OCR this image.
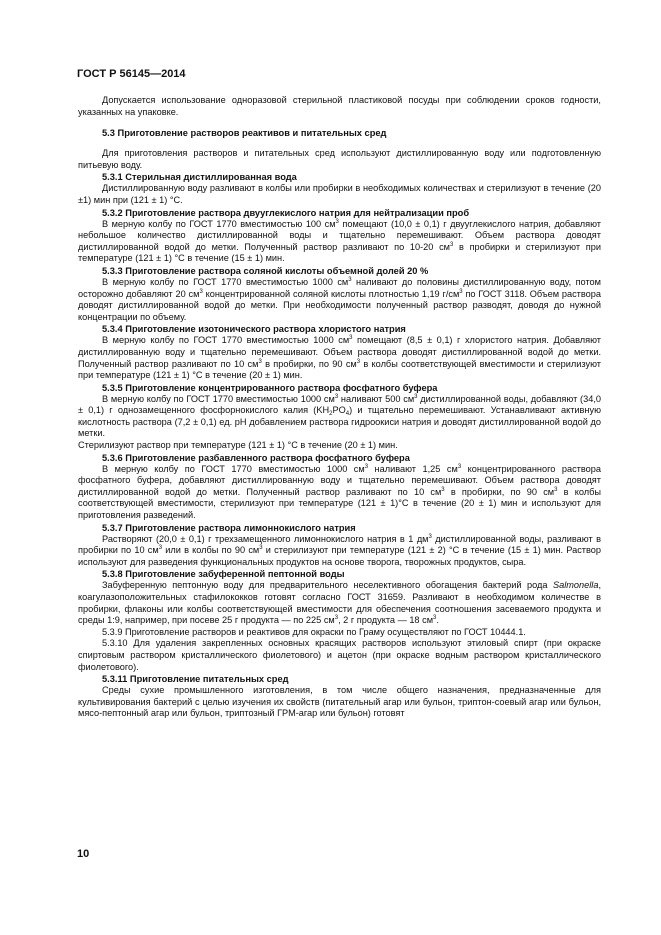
ГОСТ Р 56145—2014

Допускается использование одноразовой стерильной пластиковой посуды при соблюдении сроков годности, указанных на упаковке.

5.3 Приготовление растворов реактивов и питательных сред

Для приготовления растворов и питательных сред используют дистиллированную воду или подготовленную питьевую воду.

5.3.1 Стерильная дистиллированная вода

Дистиллированную воду разливают в колбы или пробирки в необходимых количествах и стерилизуют в течение (20 ±1) мин при (121 ± 1) °С.

5.3.2 Приготовление раствора двууглекислого натрия для нейтрализации проб

В мерную колбу по ГОСТ 1770 вместимостью 100 $см^3$ помещают (10,0 ± 0,1) г двууглекислого натрия, добавляют небольшое количество дистиллированной воды и тщательно перемешивают. Объем раствора доводят дистиллированной водой до метки. Полученный раствор разливают по 10-20 $см^3$ в пробирки и стерилизуют при температуре (121 ± 1) °С в течение (15 ± 1) мин.

5.3.3 Приготовление раствора соляной кислоты объемной долей 20 %

В мерную колбу по ГОСТ 1770 вместимостью 1000 $см^3$ наливают до половины дистиллированную воду, потом осторожно добавляют 20 $см^3$ концентрированной соляной кислоты плотностью 1,19 $г/см^3$ по ГОСТ 3118. Объем раствора доводят дистиллированной водой до метки. При необходимости полученный раствор разводят, доводя до нужной концентрации по объему.

5.3.4 Приготовление изотонического раствора хлористого натрия

В мерную колбу по ГОСТ 1770 вместимостью 1000 $см^3$ помещают (8,5 ± 0,1) г хлористого натрия. Добавляют дистиллированную воду и тщательно перемешивают. Объем раствора доводят дистиллированной водой до метки. Полученный раствор разливают по 10 $см^3$ в пробирки, по 90 $см^3$ в колбы соответствующей вместимости и стерилизуют при температуре (121 ± 1) °С в течение (20 ± 1) мин.

5.3.5 Приготовление концентрированного раствора фосфатного буфера

В мерную колбу по ГОСТ 1770 вместимостью 1000 $см^3$ наливают 500 $см^3$ дистиллированной воды, добавляют (34,0 ± 0,1) г однозамещенного фосфорнокислого калия $(KH_2PO_4)$ и тщательно перемешивают. Устанавливают активную кислотность раствора (7,2 ± 0,1) ед. рН добавлением раствора гидроокиси натрия и доводят дистиллированной водой до метки.

Стерилизуют раствор при температуре (121 ± 1) °С в течение (20 ± 1) мин.

5.3.6 Приготовление разбавленного раствора фосфатного буфера

В мерную колбу по ГОСТ 1770 вместимостью 1000 $см^3$ наливают 1,25 $см^3$ концентрированного раствора фосфатного буфера, добавляют дистиллированную воду и тщательно перемешивают. Объем раствора доводят дистиллированной водой до метки. Полученный раствор разливают по 10 $см^3$ в пробирки, по 90 $см^3$ в колбы соответствующей вместимости, стерилизуют при температуре (121 ± 1)°С в течение (20 ± 1) мин и используют для приготовления разведений.

5.3.7 Приготовление раствора лимоннокислого натрия

Растворяют (20,0 ± 0,1) г трехзамещенного лимоннокислого натрия в 1 $дм^3$ дистиллированной воды, разливают в пробирки по 10 $см^3$ или в колбы по 90 $см^3$ и стерилизуют при температуре (121 ± 2) °С в течение (15 ± 1) мин. Раствор используют для разведения функциональных продуктов на основе творога, творожных продуктов, сыра.

5.3.8 Приготовление забуференной пептонной воды

Забуференную пептонную воду для предварительного неселективного обогащения бактерий рода Salmonella, коагулазоположительных стафилококков готовят согласно ГОСТ 31659. Разливают в необходимом количестве в пробирки, флаконы или колбы соответствующей вместимости для обеспечения соотношения засеваемого продукта и среды 1:9, например, при посеве 25 г продукта — по 225 $см^3$, 2 г продукта — 18 $см^3$.

5.3.9 Приготовление растворов и реактивов для окраски по Граму осуществляют по ГОСТ 10444.1.

5.3.10 Для удаления закрепленных основных красящих растворов используют этиловый спирт (при окраске спиртовым раствором кристаллического фиолетового) и ацетон (при окраске водным раствором кристаллического фиолетового).

5.3.11 Приготовление питательных сред

Среды сухие промышленного изготовления, в том числе общего назначения, предназначенные для культивирования бактерий с целью изучения их свойств (питательный агар или бульон, триптон-соевый агар или бульон, мясо-пептонный агар или бульон, триптозный ГРМ-агар или бульон) готовят

10
